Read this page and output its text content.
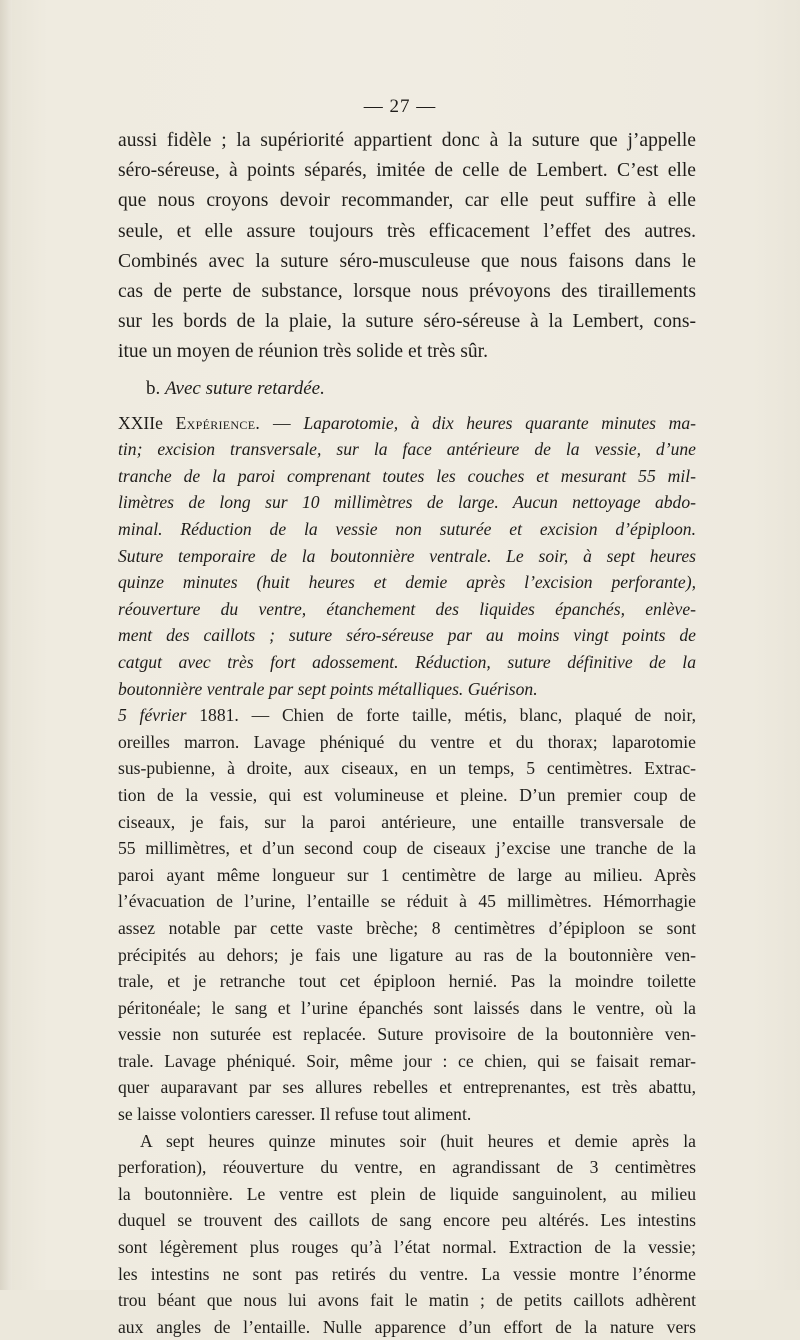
— 27 —
aussi fidèle ; la supériorité appartient donc à la suture que j’appelle
séro-séreuse, à points séparés, imitée de celle de Lembert. C’est elle
que nous croyons devoir recommander, car elle peut suffire à elle
seule, et elle assure toujours très efficacement l’effet des autres.
Combinés avec la suture séro-musculeuse que nous faisons dans le
cas de perte de substance, lorsque nous prévoyons des tiraillements
sur les bords de la plaie, la suture séro-séreuse à la Lembert, cons-
itue un moyen de réunion très solide et très sûr.
b. Avec suture retardée.
XXIIe Expérience. — Laparotomie, à dix heures quarante minutes ma-
tin; excision transversale, sur la face antérieure de la vessie, d’une
tranche de la paroi comprenant toutes les couches et mesurant 55 mil-
limètres de long sur 10 millimètres de large. Aucun nettoyage abdo-
minal. Réduction de la vessie non suturée et excision d’épiploon.
Suture temporaire de la boutonnière ventrale. Le soir, à sept heures
quinze minutes (huit heures et demie après l’excision perforante),
réouverture du ventre, étanchement des liquides épanchés, enlève-
ment des caillots ; suture séro-séreuse par au moins vingt points de
catgut avec très fort adossement. Réduction, suture définitive de la
boutonnière ventrale par sept points métalliques. Guérison.
5 février 1881. — Chien de forte taille, métis, blanc, plaqué de noir,
oreilles marron. Lavage phéniqué du ventre et du thorax; laparotomie
sus-pubienne, à droite, aux ciseaux, en un temps, 5 centimètres. Extrac-
tion de la vessie, qui est volumineuse et pleine. D’un premier coup de
ciseaux, je fais, sur la paroi antérieure, une entaille transversale de
55 millimètres, et d’un second coup de ciseaux j’excise une tranche de la
paroi ayant même longueur sur 1 centimètre de large au milieu. Après
l’évacuation de l’urine, l’entaille se réduit à 45 millimètres. Hémorrhagie
assez notable par cette vaste brèche; 8 centimètres d’épiploon se sont
précipités au dehors; je fais une ligature au ras de la boutonnière ven-
trale, et je retranche tout cet épiploon hernié. Pas la moindre toilette
péritonéale; le sang et l’urine épanchés sont laissés dans le ventre, où la
vessie non suturée est replacée. Suture provisoire de la boutonnière ven-
trale. Lavage phéniqué. Soir, même jour : ce chien, qui se faisait remar-
quer auparavant par ses allures rebelles et entreprenantes, est très abattu,
se laisse volontiers caresser. Il refuse tout aliment.
A sept heures quinze minutes soir (huit heures et demie après la
perforation), réouverture du ventre, en agrandissant de 3 centimètres
la boutonnière. Le ventre est plein de liquide sanguinolent, au milieu
duquel se trouvent des caillots de sang encore peu altérés. Les intestins
sont légèrement plus rouges qu’à l’état normal. Extraction de la vessie;
les intestins ne sont pas retirés du ventre. La vessie montre l’énorme
trou béant que nous lui avons fait le matin ; de petits caillots adhèrent
aux angles de l’entaille. Nulle apparence d’un effort de la nature vers
